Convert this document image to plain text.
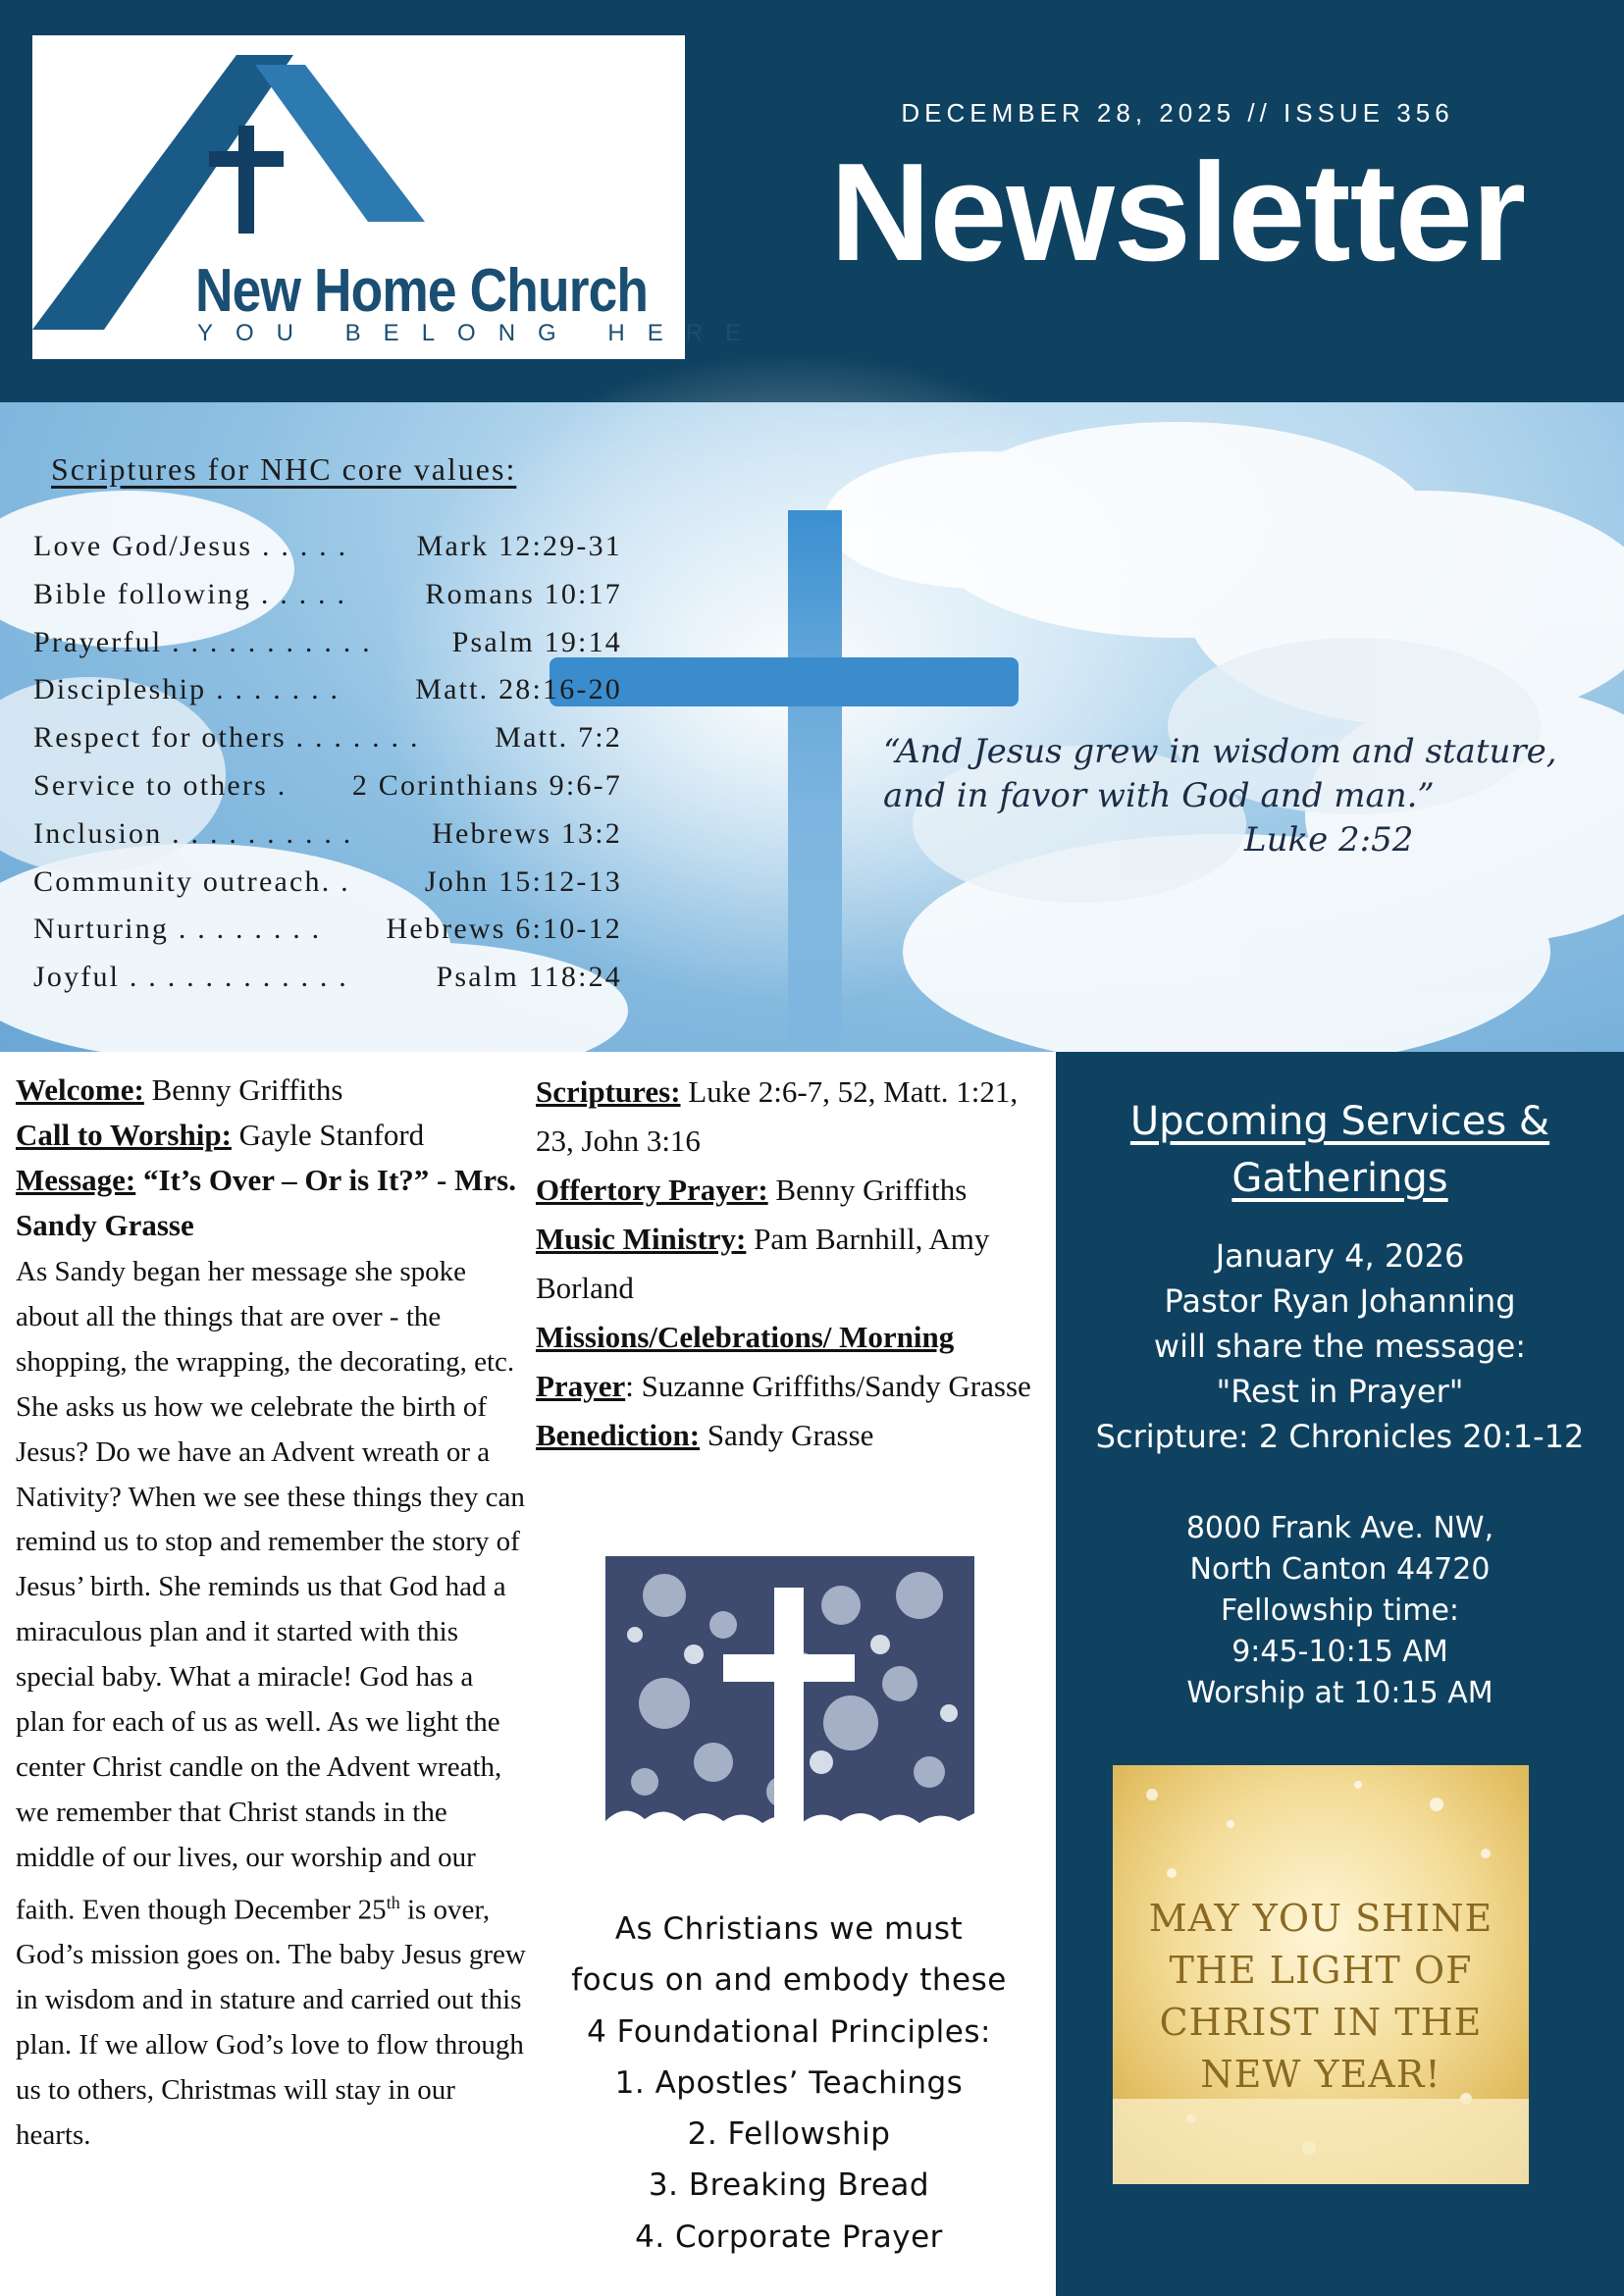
New Home Church
YOU BELONG HERE
DECEMBER 28, 2025 // ISSUE 356
Newsletter
Scriptures for NHC core values:
Love God/Jesus . . . . . Mark 12:29-31
Bible following . . . . .	Romans 10:17
Prayerful . . . . . . . . . . .	Psalm 19:14
Discipleship . . . . . . .	Matt. 28:16-20
Respect for others . . . . . . .	Matt. 7:2
Service to others . 2 Corinthians 9:6-7
Inclusion . . . . . . . . . .	Hebrews 13:2
Community outreach. .	John 15:12-13
Nurturing . . . . . . . . Hebrews 6:10-12
Joyful . . . . . . . . . . . .	Psalm 118:24
“And Jesus grew in wisdom and stature, and in favor with God and man.”
Luke 2:52
Welcome: Benny Griffiths
Call to Worship: Gayle Stanford
Message: “It’s Over – Or is It?” - Mrs. Sandy Grasse
As Sandy began her message she spoke about all the things that are over - the shopping, the wrapping, the decorating, etc. She asks us how we celebrate the birth of Jesus? Do we have an Advent wreath or a Nativity? When we see these things they can remind us to stop and remember the story of Jesus’ birth. She reminds us that God had a miraculous plan and it started with this special baby. What a miracle! God has a plan for each of us as well. As we light the center Christ candle on the Advent wreath, we remember that Christ stands in the middle of our lives, our worship and our faith. Even though December 25th is over, God’s mission goes on. The baby Jesus grew in wisdom and in stature and carried out this plan. If we allow God’s love to flow through us to others, Christmas will stay in our hearts.
Scriptures: Luke 2:6-7, 52, Matt. 1:21, 23, John 3:16
Offertory Prayer: Benny Griffiths
Music Ministry: Pam Barnhill, Amy Borland
Missions/Celebrations/ Morning Prayer: Suzanne Griffiths/Sandy Grasse
Benediction: Sandy Grasse
As Christians we must
focus on and embody these
4 Foundational Principles:
1. Apostles’ Teachings
2. Fellowship
3. Breaking Bread
4. Corporate Prayer
Upcoming Services &
Gatherings
January 4, 2026
Pastor Ryan Johanning
will share the message:
"Rest in Prayer"
Scripture: 2 Chronicles 20:1-12
8000 Frank Ave. NW,
North Canton 44720
Fellowship time:
9:45-10:15 AM
Worship at 10:15 AM
MAY YOU SHINE
THE LIGHT OF
CHRIST IN THE
NEW YEAR!
